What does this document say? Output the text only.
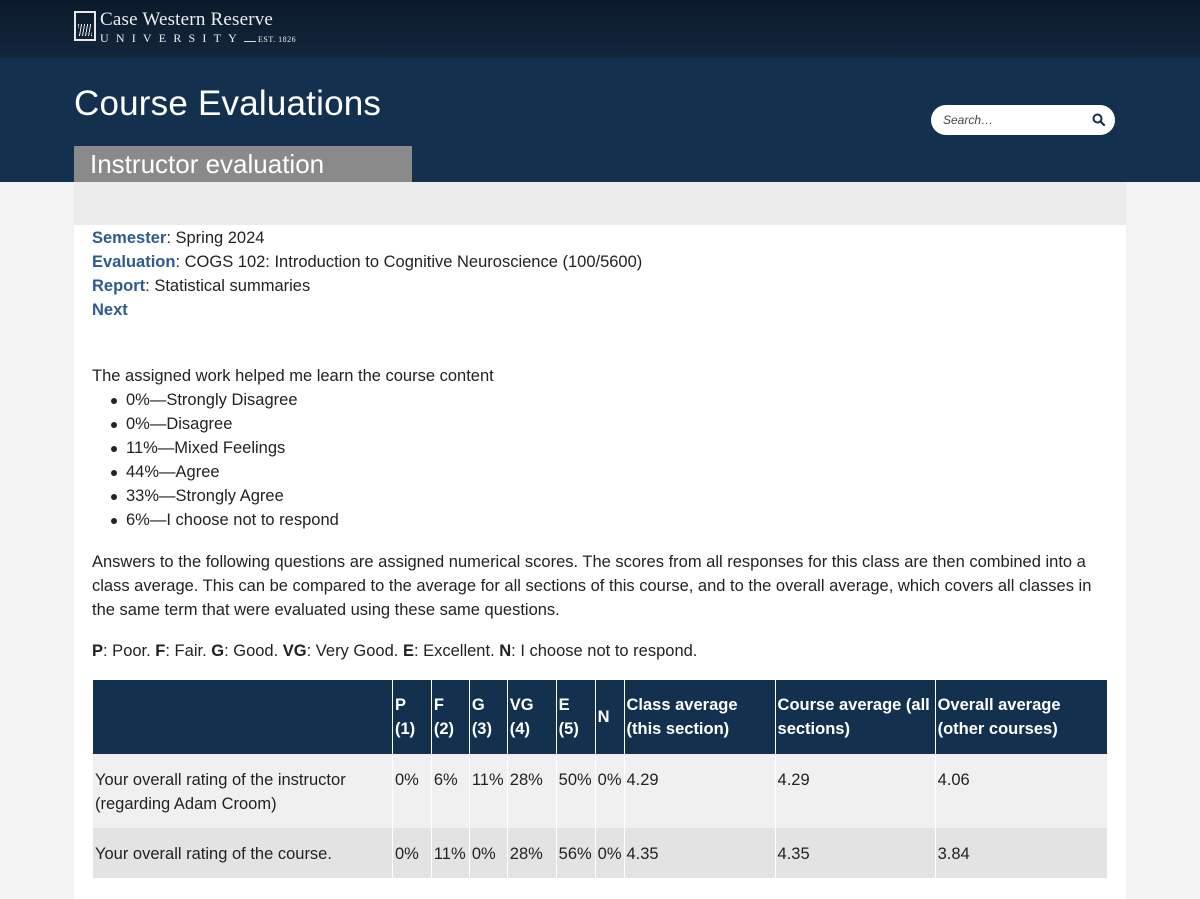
Case Western Reserve
UNIVERSITY EST. 1826
Course Evaluations
Search…
Instructor evaluation
Semester: Spring 2024
Evaluation: COGS 102: Introduction to Cognitive Neuroscience (100/5600)
Report: Statistical summaries
Next
The assigned work helped me learn the course content
0%—Strongly Disagree
0%—Disagree
11%—Mixed Feelings
44%—Agree
33%—Strongly Agree
6%—I choose not to respond

Answers to the following questions are assigned numerical scores. The scores from all responses for this class are then combined into a class average. This can be compared to the average for all sections of this course, and to the overall average, which covers all classes in the same term that were evaluated using these same questions.

P: Poor. F: Fair. G: Good. VG: Very Good. E: Excellent. N: I choose not to respond.

	P (1)	F (2)	G (3)	VG (4)	E (5)	N	Class average (this section)	Course average (all sections)	Overall average (other courses)
Your overall rating of the instructor (regarding Adam Croom)	0%	6%	11%	28%	50%	0%	4.29	4.29	4.06
Your overall rating of the course.	0%	11%	0%	28%	56%	0%	4.35	4.35	3.84
